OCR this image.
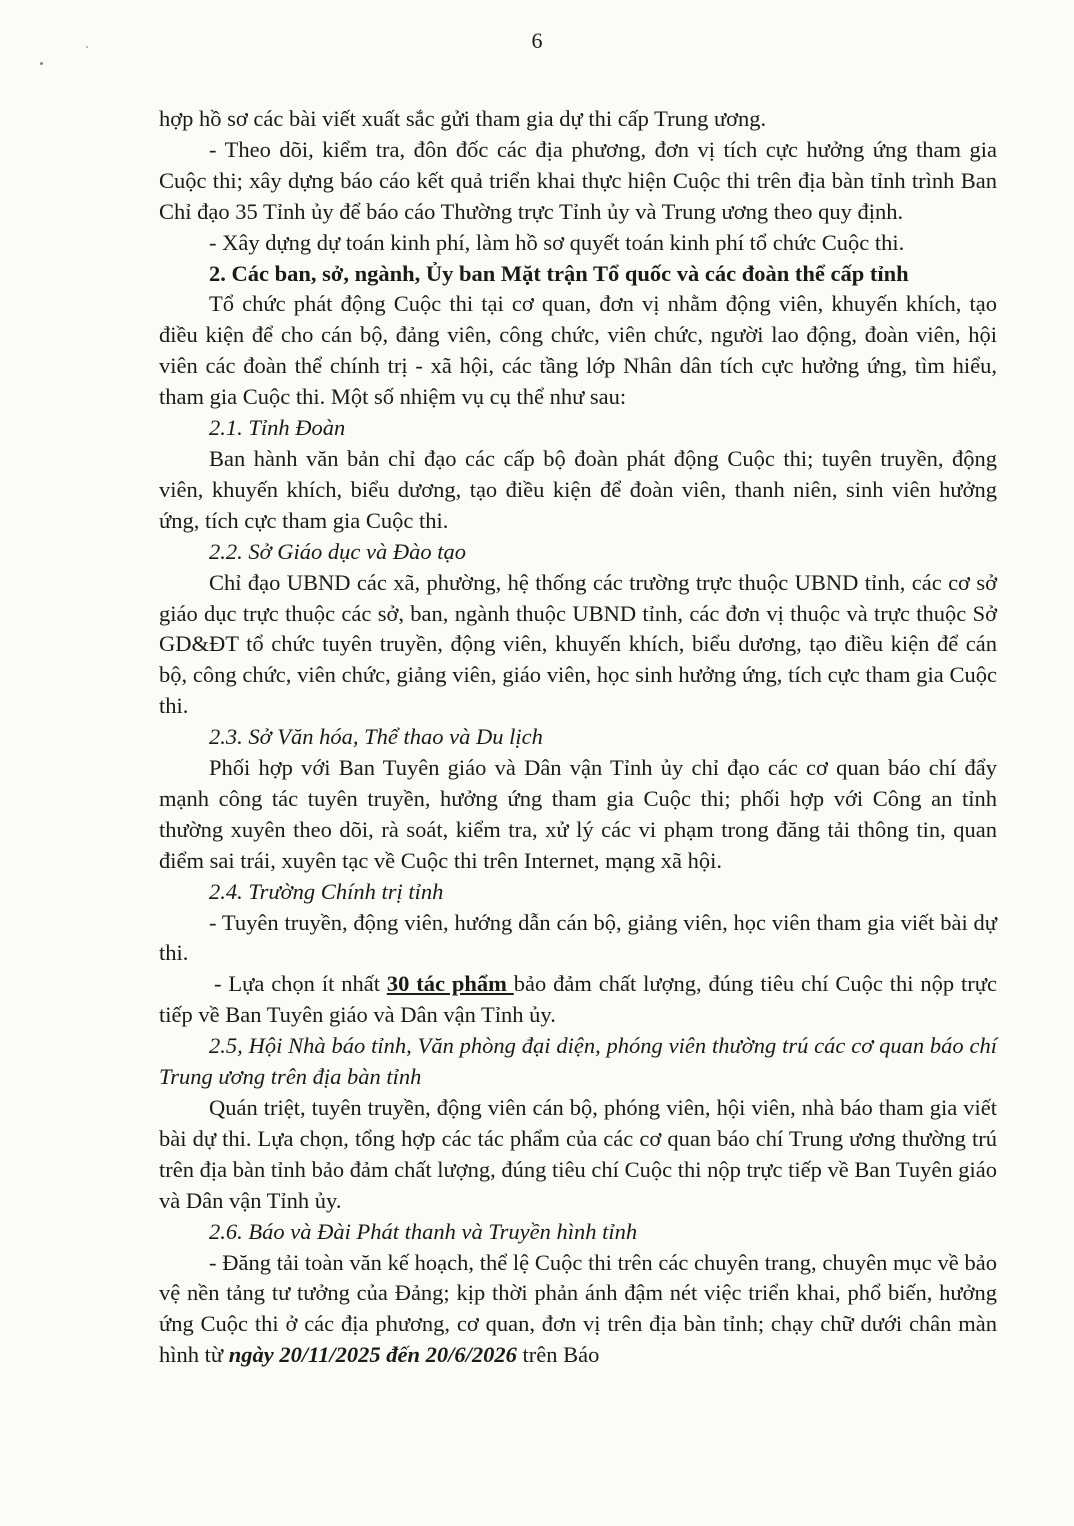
6

hợp hồ sơ các bài viết xuất sắc gửi tham gia dự thi cấp Trung ương.

- Theo dõi, kiểm tra, đôn đốc các địa phương, đơn vị tích cực hưởng ứng tham gia Cuộc thi; xây dựng báo cáo kết quả triển khai thực hiện Cuộc thi trên địa bàn tỉnh trình Ban Chỉ đạo 35 Tỉnh ủy để báo cáo Thường trực Tỉnh ủy và Trung ương theo quy định.

- Xây dựng dự toán kinh phí, làm hồ sơ quyết toán kinh phí tổ chức Cuộc thi.

2. Các ban, sở, ngành, Ủy ban Mặt trận Tổ quốc và các đoàn thể cấp tỉnh

Tổ chức phát động Cuộc thi tại cơ quan, đơn vị nhằm động viên, khuyến khích, tạo điều kiện để cho cán bộ, đảng viên, công chức, viên chức, người lao động, đoàn viên, hội viên các đoàn thể chính trị - xã hội, các tầng lớp Nhân dân tích cực hưởng ứng, tìm hiểu, tham gia Cuộc thi. Một số nhiệm vụ cụ thể như sau:

2.1. Tỉnh Đoàn

Ban hành văn bản chỉ đạo các cấp bộ đoàn phát động Cuộc thi; tuyên truyền, động viên, khuyến khích, biểu dương, tạo điều kiện để đoàn viên, thanh niên, sinh viên hưởng ứng, tích cực tham gia Cuộc thi.

2.2. Sở Giáo dục và Đào tạo

Chỉ đạo UBND các xã, phường, hệ thống các trường trực thuộc UBND tỉnh, các cơ sở giáo dục trực thuộc các sở, ban, ngành thuộc UBND tỉnh, các đơn vị thuộc và trực thuộc Sở GD&ĐT tổ chức tuyên truyền, động viên, khuyến khích, biểu dương, tạo điều kiện để cán bộ, công chức, viên chức, giảng viên, giáo viên, học sinh hưởng ứng, tích cực tham gia Cuộc thi.

2.3. Sở Văn hóa, Thể thao và Du lịch

Phối hợp với Ban Tuyên giáo và Dân vận Tỉnh ủy chỉ đạo các cơ quan báo chí đẩy mạnh công tác tuyên truyền, hưởng ứng tham gia Cuộc thi; phối hợp với Công an tỉnh thường xuyên theo dõi, rà soát, kiểm tra, xử lý các vi phạm trong đăng tải thông tin, quan điểm sai trái, xuyên tạc về Cuộc thi trên Internet, mạng xã hội.

2.4. Trường Chính trị tỉnh

- Tuyên truyền, động viên, hướng dẫn cán bộ, giảng viên, học viên tham gia viết bài dự thi.

- Lựa chọn ít nhất 30 tác phẩm bảo đảm chất lượng, đúng tiêu chí Cuộc thi nộp trực tiếp về Ban Tuyên giáo và Dân vận Tỉnh ủy.

2.5, Hội Nhà báo tỉnh, Văn phòng đại diện, phóng viên thường trú các cơ quan báo chí Trung ương trên địa bàn tỉnh

Quán triệt, tuyên truyền, động viên cán bộ, phóng viên, hội viên, nhà báo tham gia viết bài dự thi. Lựa chọn, tổng hợp các tác phẩm của các cơ quan báo chí Trung ương thường trú trên địa bàn tỉnh bảo đảm chất lượng, đúng tiêu chí Cuộc thi nộp trực tiếp về Ban Tuyên giáo và Dân vận Tỉnh ủy.

2.6. Báo và Đài Phát thanh và Truyền hình tỉnh

- Đăng tải toàn văn kế hoạch, thể lệ Cuộc thi trên các chuyên trang, chuyên mục về bảo vệ nền tảng tư tưởng của Đảng; kịp thời phản ánh đậm nét việc triển khai, phổ biến, hưởng ứng Cuộc thi ở các địa phương, cơ quan, đơn vị trên địa bàn tỉnh; chạy chữ dưới chân màn hình từ ngày 20/11/2025 đến 20/6/2026 trên Báo
